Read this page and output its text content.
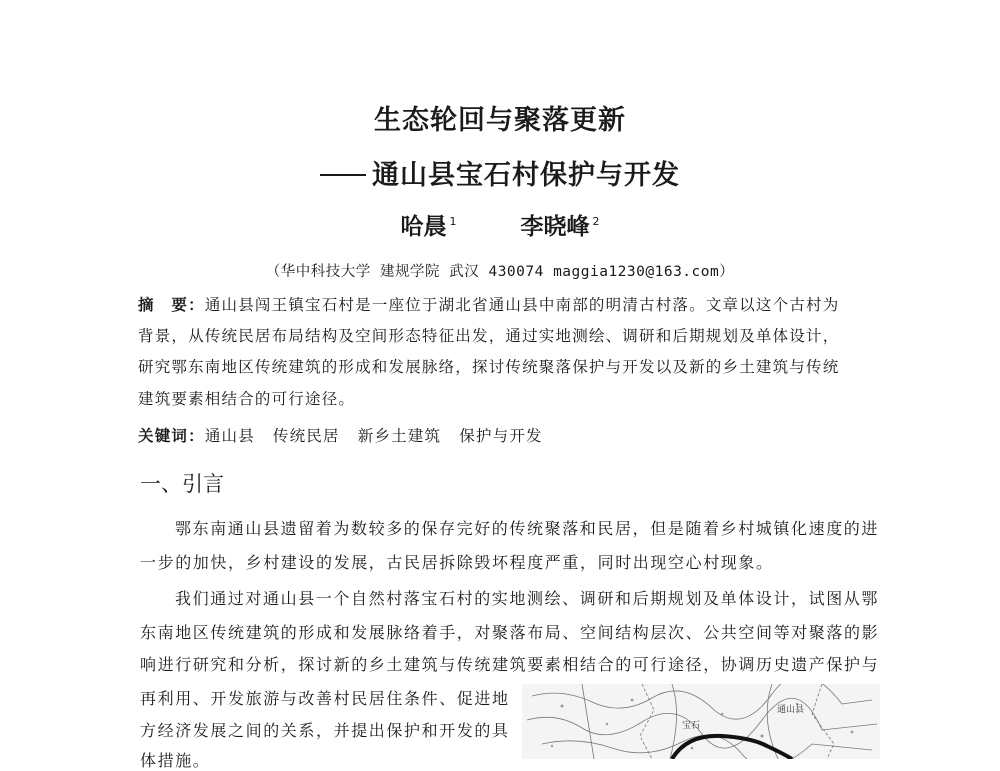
生态轮回与聚落更新
通山县宝石村保护与开发
哈晨 $^1$	李晓峰 $^2$
（华中科技大学 建规学院 武汉 430074 maggia1230@163.com）
摘　要：通山县闯王镇宝石村是一座位于湖北省通山县中南部的明清古村落。文章以这个古村为
背景，从传统民居布局结构及空间形态特征出发，通过实地测绘、调研和后期规划及单体设计，
研究鄂东南地区传统建筑的形成和发展脉络，探讨传统聚落保护与开发以及新的乡土建筑与传统
建筑要素相结合的可行途径。
关键词：通山县 传统民居 新乡土建筑 保护与开发
一、引言
鄂东南通山县遗留着为数较多的保存完好的传统聚落和民居，但是随着乡村城镇化速度的进
一步的加快，乡村建设的发展，古民居拆除毁坏程度严重，同时出现空心村现象。
我们通过对通山县一个自然村落宝石村的实地测绘、调研和后期规划及单体设计，试图从鄂
东南地区传统建筑的形成和发展脉络着手，对聚落布局、空间结构层次、公共空间等对聚落的影
响进行研究和分析，探讨新的乡土建筑与传统建筑要素相结合的可行途径，协调历史遗产保护与
再利用、开发旅游与改善村民居住条件、促进地
方经济发展之间的关系，并提出保护和开发的具
体措施。
通山县
宝石
